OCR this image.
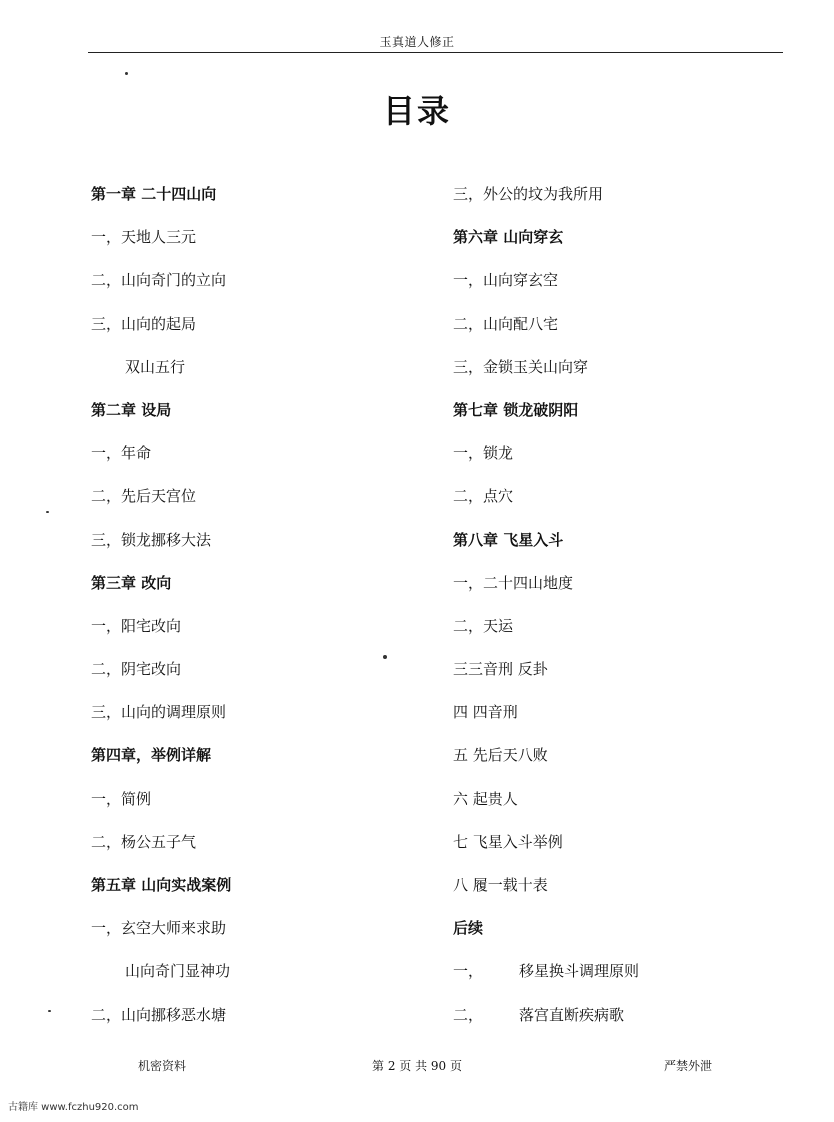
玉真道人修正
目录
第一章 二十四山向
一，天地人三元
二，山向奇门的立向
三，山向的起局
双山五行
第二章 设局
一，年命
二，先后天宫位
三，锁龙挪移大法
第三章 改向
一，阳宅改向
二，阴宅改向
三，山向的调理原则
第四章，举例详解
一，简例
二，杨公五子气
第五章 山向实战案例
一，玄空大师来求助
山向奇门显神功
二，山向挪移恶水塘
三，外公的坟为我所用
第六章 山向穿玄
一，山向穿玄空
二，山向配八宅
三，金锁玉关山向穿
第七章 锁龙破阴阳
一，锁龙
二，点穴
第八章 飞星入斗
一，二十四山地度
二，天运
三三音刑 反卦
四 四音刑
五 先后天八败
六 起贵人
七 飞星入斗举例
八 履一载十表
后续
一， 移星换斗调理原则
二， 落宫直断疾病歌
机密资料	第 2 页 共 90 页	严禁外泄
古籍库 www.fczhu920.com
